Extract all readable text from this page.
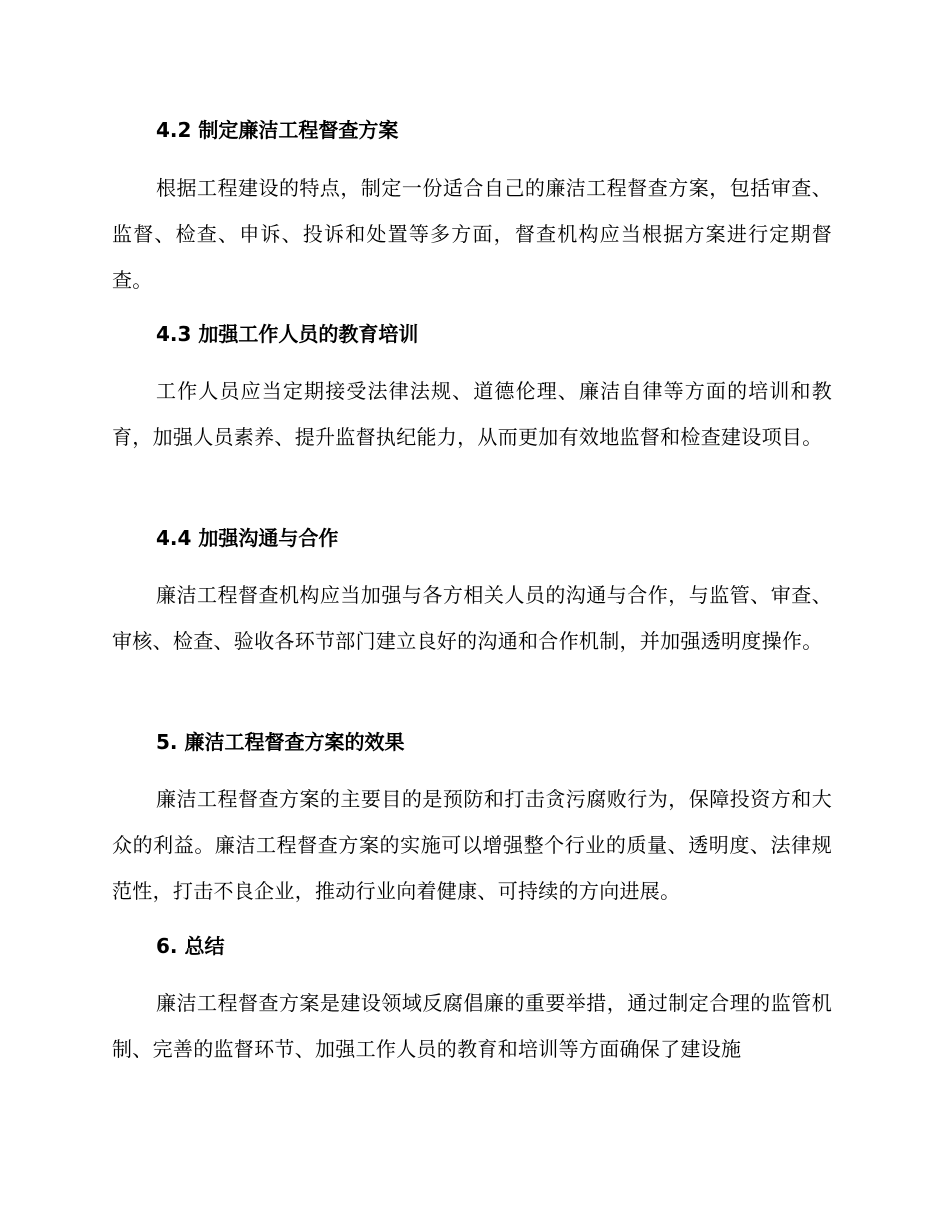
4.2 制定廉洁工程督查方案
根据工程建设的特点，制定一份适合自己的廉洁工程督查方案，包括审查、监督、检查、申诉、投诉和处置等多方面，督查机构应当根据方案进行定期督查。
4.3 加强工作人员的教育培训
工作人员应当定期接受法律法规、道德伦理、廉洁自律等方面的培训和教育，加强人员素养、提升监督执纪能力，从而更加有效地监督和检查建设项目。
4.4 加强沟通与合作
廉洁工程督查机构应当加强与各方相关人员的沟通与合作，与监管、审查、审核、检查、验收各环节部门建立良好的沟通和合作机制，并加强透明度操作。
5. 廉洁工程督查方案的效果
廉洁工程督查方案的主要目的是预防和打击贪污腐败行为，保障投资方和大众的利益。廉洁工程督查方案的实施可以增强整个行业的质量、透明度、法律规范性，打击不良企业，推动行业向着健康、可持续的方向进展。
6. 总结
廉洁工程督查方案是建设领域反腐倡廉的重要举措，通过制定合理的监管机制、完善的监督环节、加强工作人员的教育和培训等方面确保了建设施
